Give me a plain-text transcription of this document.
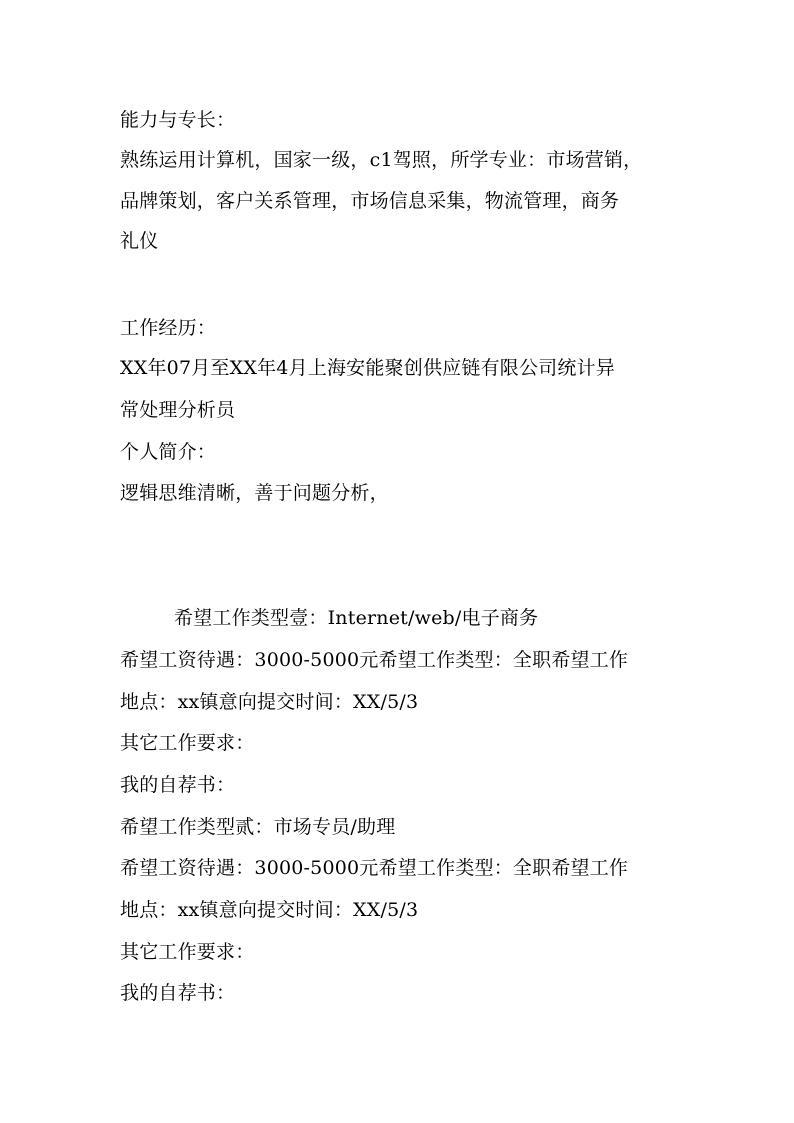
能力与专长：
熟练运用计算机，国家一级，c1驾照，所学专业：市场营销，
品牌策划，客户关系管理，市场信息采集，物流管理，商务
礼仪
工作经历：
XX年07月至XX年4月上海安能聚创供应链有限公司统计异
常处理分析员
个人简介：
逻辑思维清晰，善于问题分析，
希望工作类型壹：Internet/web/电子商务
希望工资待遇：3000-5000元希望工作类型：全职希望工作
地点：xx镇意向提交时间：XX/5/3
其它工作要求：
我的自荐书：
希望工作类型贰：市场专员/助理
希望工资待遇：3000-5000元希望工作类型：全职希望工作
地点：xx镇意向提交时间：XX/5/3
其它工作要求：
我的自荐书：
